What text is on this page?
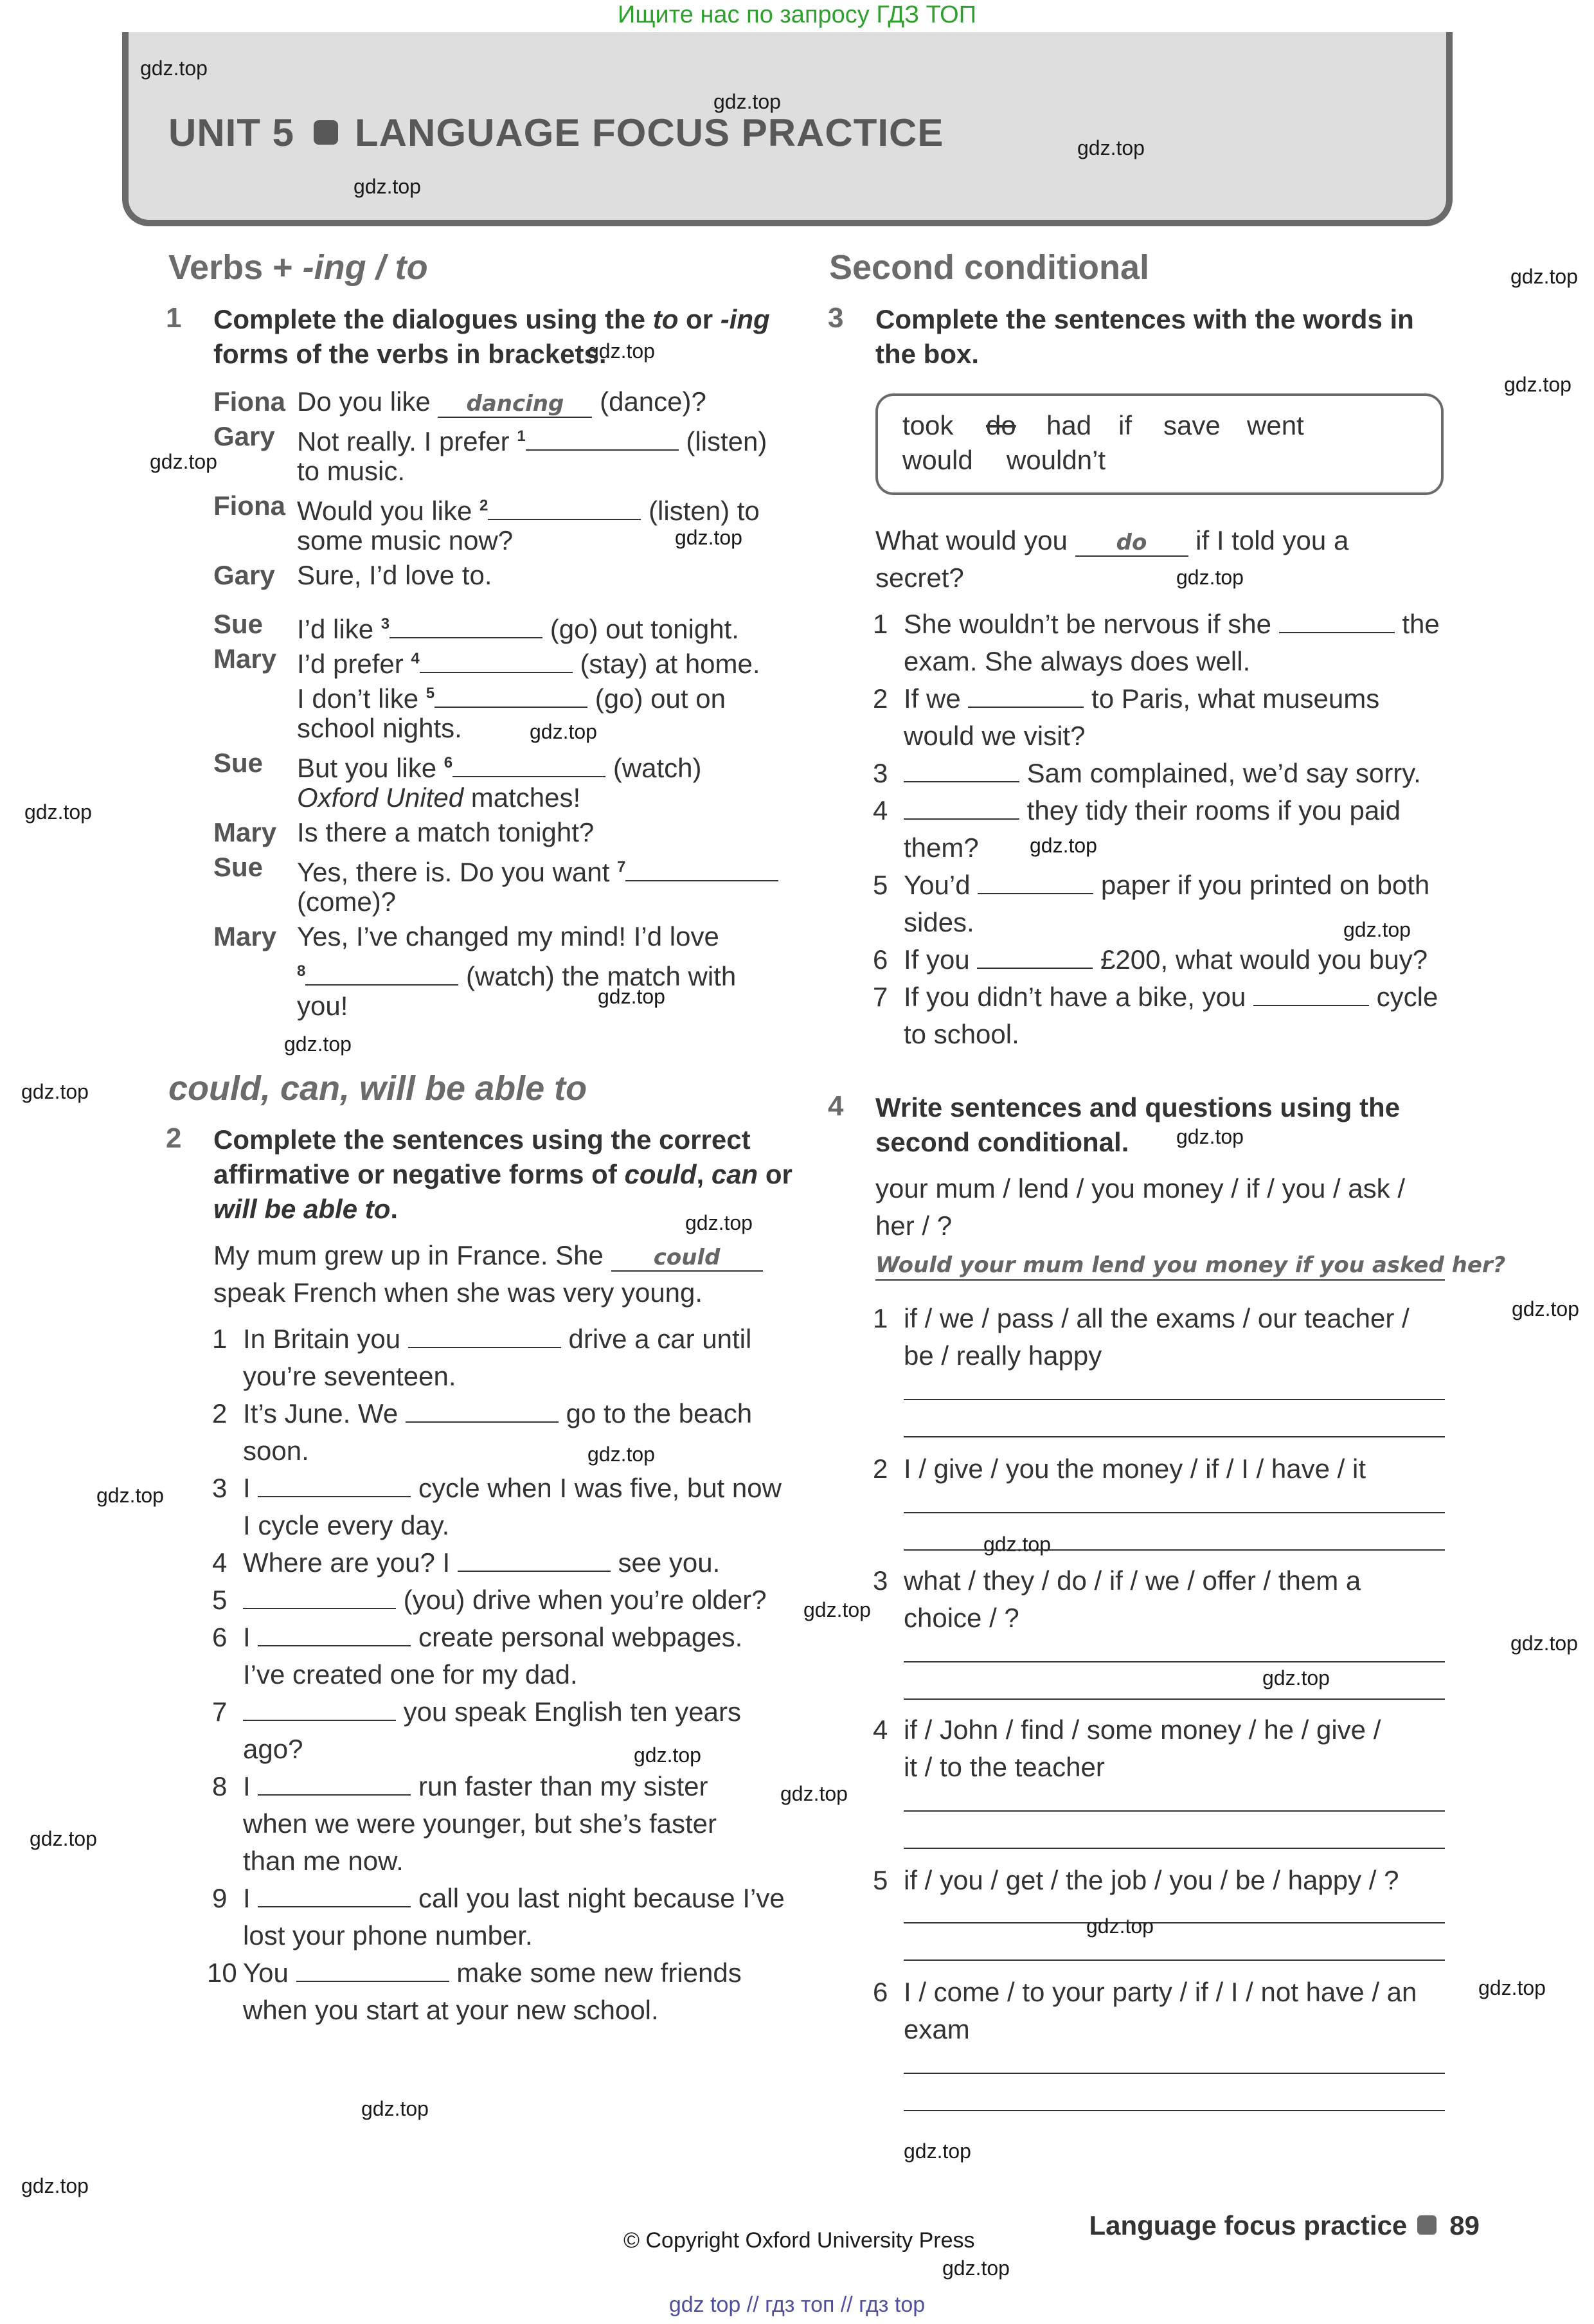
Ищите нас по запросу ГДЗ ТОП
UNIT 5 LANGUAGE FOCUS PRACTICE
gdz.top
gdz.top
gdz.top
gdz.top
gdz.top
gdz.top
gdz.top
gdz.top
gdz.top
gdz.top
gdz.top
gdz.top
gdz.top
gdz.top
gdz.top
gdz.top
gdz.top
gdz.top
gdz.top
gdz.top
gdz.top
gdz.top
gdz.top
gdz.top
gdz.top
gdz.top
gdz.top
gdz.top
gdz.top
gdz.top
gdz.top
gdz.top
gdz.top
gdz.top
gdz.top
Verbs + -ing / to
1 Complete the dialogues using the to or -ing
forms of the verbs in brackets.
Fiona Do you like dancing (dance)?
Gary Not really. I prefer $^1$	(listen)
to music.
Fiona Would you like $^2$	(listen) to
some music now?
Gary Sure, I’d love to.
Sue I’d like $^3$	(go) out tonight.
Mary I’d prefer $^4$	(stay) at home.
I don’t like $^5$	(go) out on
school nights.
Sue But you like $^6$	(watch)
Oxford United matches!
Mary Is there a match tonight?
Sue Yes, there is. Do you want $^7$
(come)?
Mary Yes, I’ve changed my mind! I’d love
$^8$	(watch) the match with
you!
could, can, will be able to
2 Complete the sentences using the correct
affirmative or negative forms of could, can or
will be able to.
My mum grew up in France. She could
speak French when she was very young.
1 In Britain you	drive a car until
you’re seventeen.
2 It’s June. We	go to the beach
soon.
3 I	cycle when I was five, but now
I cycle every day.
4 Where are you? I	see you.
5	(you) drive when you’re older?
6 I	create personal webpages.
I’ve created one for my dad.
7	you speak English ten years
ago?
8 I	run faster than my sister
when we were younger, but she’s faster
than me now.
9 I	call you last night because I’ve
lost your phone number.
10 You	make some new friends
when you start at your new school.
Second conditional
3 Complete the sentences with the words in
the box.
took do had if save went
would wouldn’t
What would you do if I told you a
secret?
1 She wouldn’t be nervous if she	the
exam. She always does well.
2 If we	to Paris, what museums
would we visit?
3	Sam complained, we’d say sorry.
4	they tidy their rooms if you paid
them?
5 You’d	paper if you printed on both
sides.
6 If you	£200, what would you buy?
7 If you didn’t have a bike, you	cycle
to school.
4 Write sentences and questions using the
second conditional.
your mum / lend / you money / if / you / ask /
her / ?
Would your mum lend you money if you asked her?
1 if / we / pass / all the exams / our teacher /
be / really happy
2 I / give / you the money / if / I / have / it
3 what / they / do / if / we / offer / them a
choice / ?
4 if / John / find / some money / he / give /
it / to the teacher
5 if / you / get / the job / you / be / happy / ?
6 I / come / to your party / if / I / not have / an
exam
Language focus practice 89
© Copyright Oxford University Press
gdz top // гдз топ // гдз top
